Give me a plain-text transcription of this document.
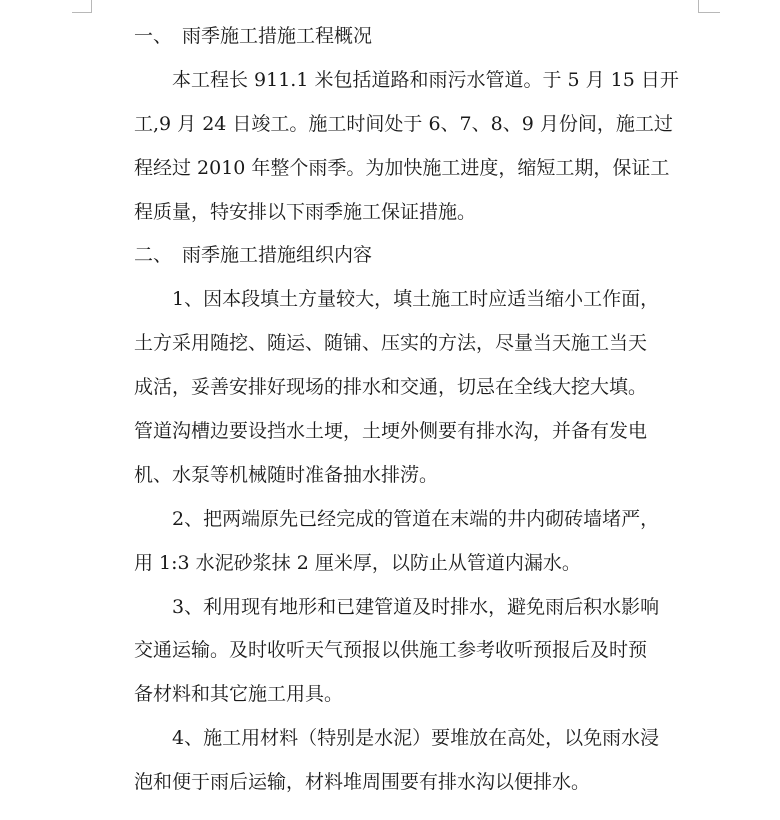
一、 雨季施工措施工程概况
本工程长 911.1 米包括道路和雨污水管道。于 5 月 15 日开
工,9 月 24 日竣工。施工时间处于 6、7、8、9 月份间，施工过
程经过 2010 年整个雨季。为加快施工进度，缩短工期，保证工
程质量，特安排以下雨季施工保证措施。
二、 雨季施工措施组织内容
1、因本段填土方量较大，填土施工时应适当缩小工作面，
土方采用随挖、随运、随铺、压实的方法，尽量当天施工当天
成活，妥善安排好现场的排水和交通，切忌在全线大挖大填。
管道沟槽边要设挡水土埂，土埂外侧要有排水沟，并备有发电
机、水泵等机械随时准备抽水排涝。
2、把两端原先已经完成的管道在末端的井内砌砖墙堵严，
用 1:3 水泥砂浆抹 2 厘米厚，以防止从管道内漏水。
3、利用现有地形和已建管道及时排水，避免雨后积水影响
交通运输。及时收听天气预报以供施工参考收听预报后及时预
备材料和其它施工用具。
4、施工用材料（特别是水泥）要堆放在高处，以免雨水浸
泡和便于雨后运输，材料堆周围要有排水沟以便排水。
